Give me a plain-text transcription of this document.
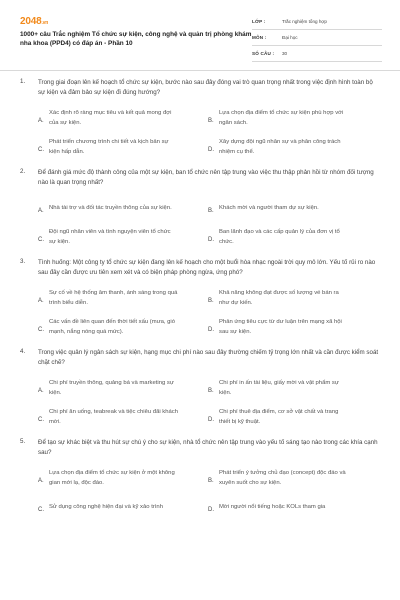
2048.vn
1000+ câu Trắc nghiệm Tổ chức sự kiện, công nghệ và quản trị phòng khám nha khoa (PPD4) có đáp án - Phần 10
LỚP :	Trắc nghiệm tổng hợp
MÔN :	Đại học
SỐ CÂU :	30
1. Trong giai đoạn lên kế hoạch tổ chức sự kiện, bước nào sau đây đóng vai trò quan trọng nhất trong việc định hình toàn bộ sự kiện và đảm bảo sự kiện đi đúng hướng?
A.
Xác định rõ ràng mục tiêu và kết quả mong đợi của sự kiện.	B.
Lựa chọn địa điểm tổ chức sự kiện phù hợp với ngân sách.
C.
Phát triển chương trình chi tiết và kịch bản sự kiện hấp dẫn.	D.
Xây dựng đội ngũ nhân sự và phân công trách nhiệm cụ thể.
2. Để đánh giá mức độ thành công của một sự kiện, ban tổ chức nên tập trung vào việc thu thập phản hồi từ nhóm đối tượng nào là quan trọng nhất?
A. Nhà tài trợ và đối tác truyền thông của sự kiện.	B. Khách mời và người tham dự sự kiện.
C.
Đội ngũ nhân viên và tình nguyện viên tổ chức sự kiện.	D.
Ban lãnh đạo và các cấp quản lý của đơn vị tổ chức.
3. Tình huống: Một công ty tổ chức sự kiện đang lên kế hoạch cho một buổi hòa nhạc ngoài trời quy mô lớn. Yếu tố rủi ro nào sau đây cần được ưu tiên xem xét và có biện pháp phòng ngừa, ứng phó?
A.
Sự cố về hệ thống âm thanh, ánh sáng trong quá trình biểu diễn.	B.
Khả năng không đạt được số lượng vé bán ra như dự kiến.
C.
Các vấn đề liên quan đến thời tiết xấu (mưa, gió mạnh, nắng nóng quá mức).	D.
Phản ứng tiêu cực từ dư luận trên mạng xã hội sau sự kiện.
4. Trong việc quản lý ngân sách sự kiện, hạng mục chi phí nào sau đây thường chiếm tỷ trọng lớn nhất và cần được kiểm soát chặt chẽ?
A.
Chi phí truyền thông, quảng bá và marketing sự kiện.	B.
Chi phí in ấn tài liệu, giấy mời và vật phẩm sự kiện.
C.
Chi phí ăn uống, teabreak và tiệc chiêu đãi khách mời.	D.
Chi phí thuê địa điểm, cơ sở vật chất và trang thiết bị kỹ thuật.
5. Để tạo sự khác biệt và thu hút sự chú ý cho sự kiện, nhà tổ chức nên tập trung vào yếu tố sáng tạo nào trong các khía cạnh sau?
A.
Lựa chọn địa điểm tổ chức sự kiện ở một không gian mới lạ, độc đáo.	B.
Phát triển ý tưởng chủ đạo (concept) độc đáo và xuyên suốt cho sự kiện.
C. Sử dụng công nghệ hiện đại và kỹ xảo trình	D. Mời người nổi tiếng hoặc KOLs tham gia
